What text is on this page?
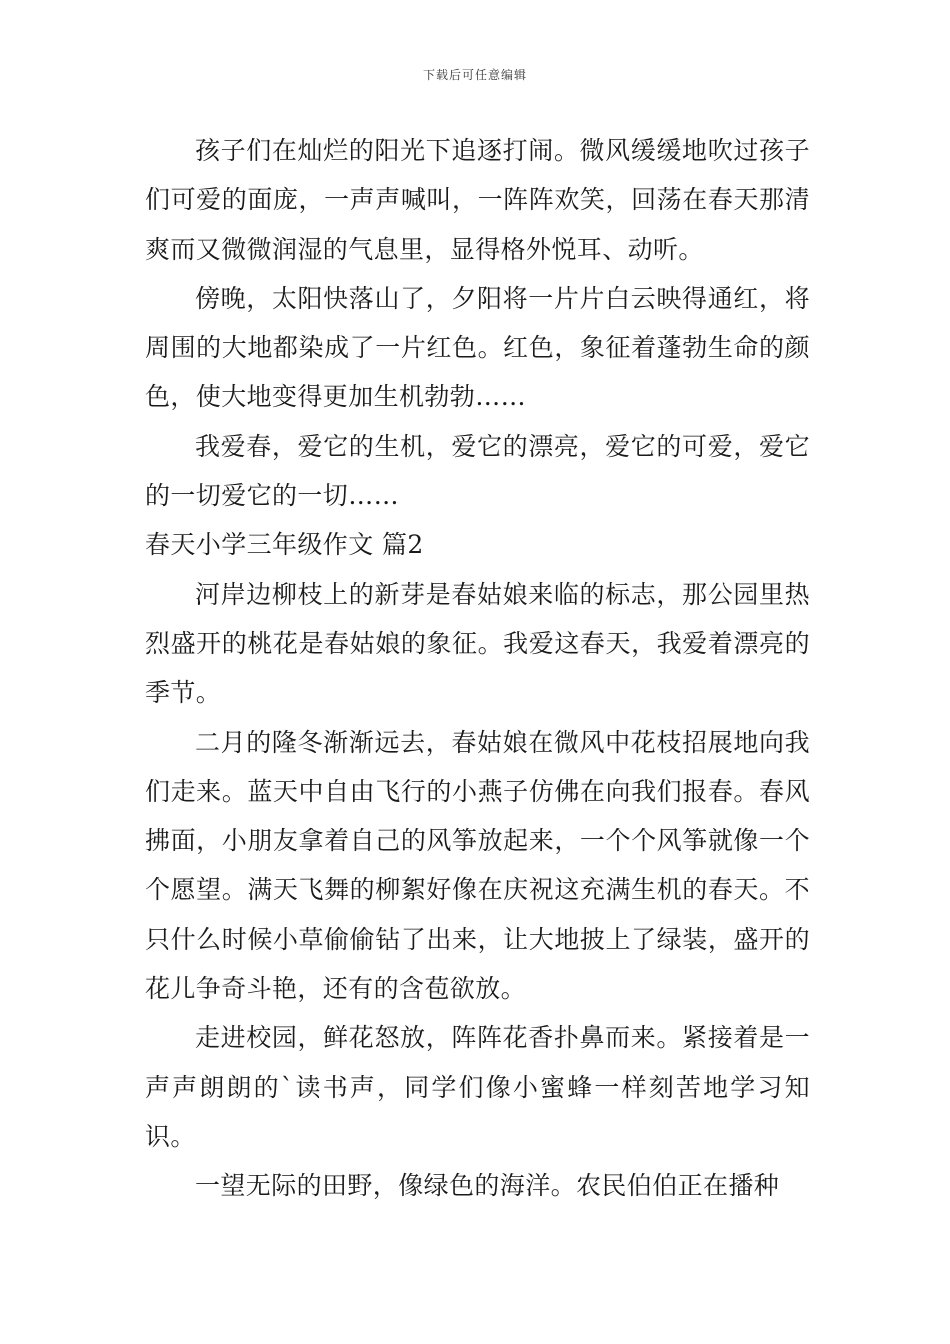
下载后可任意编辑

孩子们在灿烂的阳光下追逐打闹。微风缓缓地吹过孩子们可爱的面庞，一声声喊叫，一阵阵欢笑，回荡在春天那清爽而又微微润湿的气息里，显得格外悦耳、动听。

傍晚，太阳快落山了，夕阳将一片片白云映得通红，将周围的大地都染成了一片红色。红色，象征着蓬勃生命的颜色，使大地变得更加生机勃勃……

我爱春，爱它的生机，爱它的漂亮，爱它的可爱，爱它的一切爱它的一切……

春天小学三年级作文 篇2

河岸边柳枝上的新芽是春姑娘来临的标志，那公园里热烈盛开的桃花是春姑娘的象征。我爱这春天，我爱着漂亮的季节。

二月的隆冬渐渐远去，春姑娘在微风中花枝招展地向我们走来。蓝天中自由飞行的小燕子仿佛在向我们报春。春风拂面，小朋友拿着自己的风筝放起来，一个个风筝就像一个个愿望。满天飞舞的柳絮好像在庆祝这充满生机的春天。不只什么时候小草偷偷钻了出来，让大地披上了绿装，盛开的花儿争奇斗艳，还有的含苞欲放。

走进校园，鲜花怒放，阵阵花香扑鼻而来。紧接着是一声声朗朗的`读书声，同学们像小蜜蜂一样刻苦地学习知识。

一望无际的田野，像绿色的海洋。农民伯伯正在播种
